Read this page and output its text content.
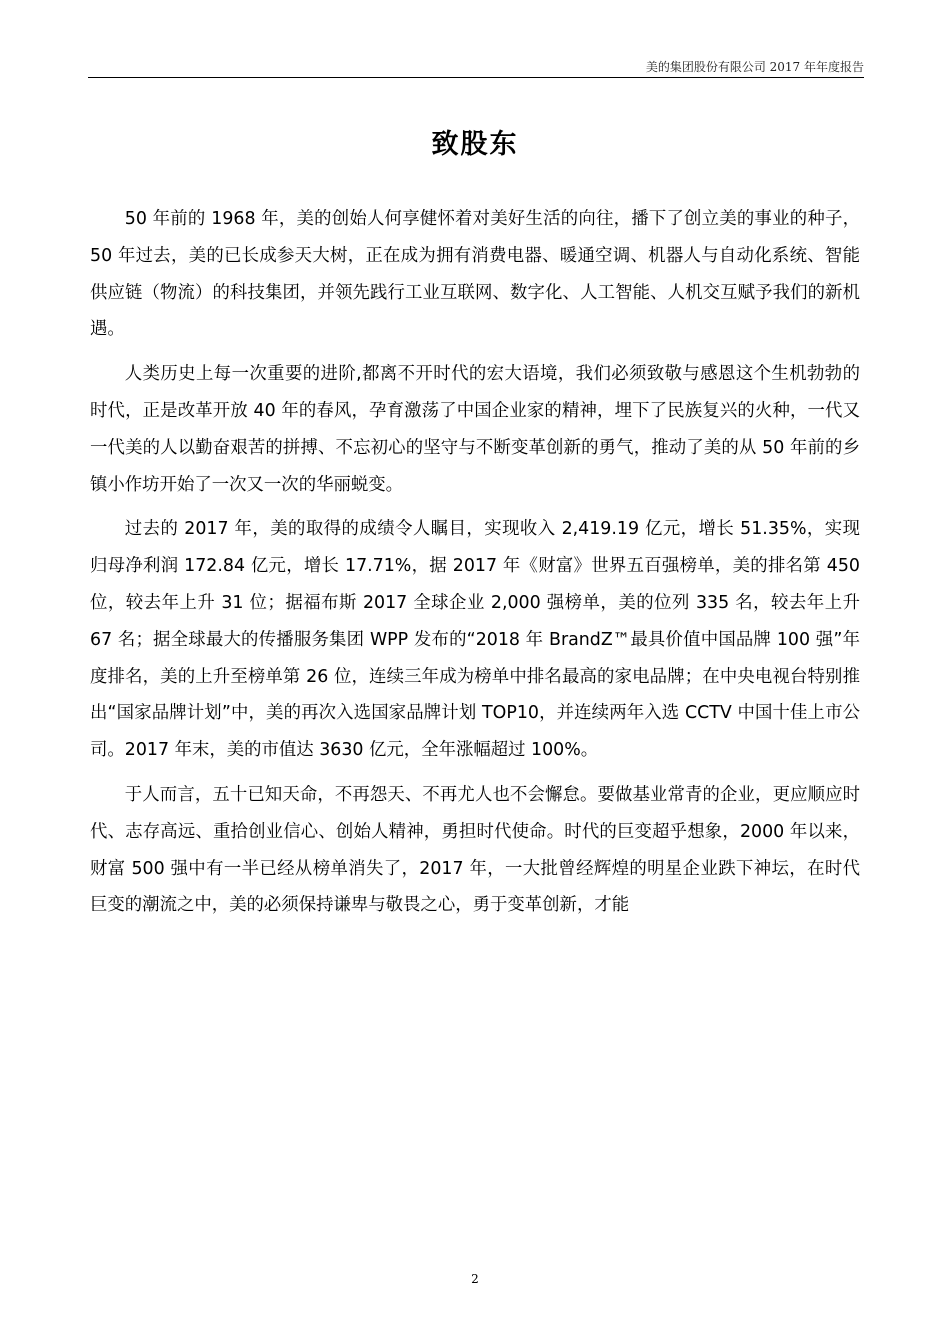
美的集团股份有限公司 2017 年年度报告
致股东

50 年前的 1968 年，美的创始人何享健怀着对美好生活的向往，播下了创立美的事业的种子，50 年过去，美的已长成参天大树，正在成为拥有消费电器、暖通空调、机器人与自动化系统、智能供应链（物流）的科技集团，并领先践行工业互联网、数字化、人工智能、人机交互赋予我们的新机遇。

人类历史上每一次重要的进阶,都离不开时代的宏大语境，我们必须致敬与感恩这个生机勃勃的时代，正是改革开放 40 年的春风，孕育激荡了中国企业家的精神，埋下了民族复兴的火种，一代又一代美的人以勤奋艰苦的拼搏、不忘初心的坚守与不断变革创新的勇气，推动了美的从 50 年前的乡镇小作坊开始了一次又一次的华丽蜕变。

过去的 2017 年，美的取得的成绩令人瞩目，实现收入 2,419.19 亿元，增长 51.35%，实现归母净利润 172.84 亿元，增长 17.71%，据 2017 年《财富》世界五百强榜单，美的排名第 450 位，较去年上升 31 位；据福布斯 2017 全球企业 2,000 强榜单，美的位列 335 名，较去年上升 67 名；据全球最大的传播服务集团 WPP 发布的“2018 年 BrandZ™最具价值中国品牌 100 强”年度排名，美的上升至榜单第 26 位，连续三年成为榜单中排名最高的家电品牌；在中央电视台特别推出“国家品牌计划”中，美的再次入选国家品牌计划 TOP10，并连续两年入选 CCTV 中国十佳上市公司。2017 年末，美的市值达 3630 亿元，全年涨幅超过 100%。

于人而言，五十已知天命，不再怨天、不再尤人也不会懈怠。要做基业常青的企业，更应顺应时代、志存高远、重拾创业信心、创始人精神，勇担时代使命。时代的巨变超乎想象，2000 年以来，财富 500 强中有一半已经从榜单消失了，2017 年，一大批曾经辉煌的明星企业跌下神坛，在时代巨变的潮流之中，美的必须保持谦卑与敬畏之心，勇于变革创新，才能

2
